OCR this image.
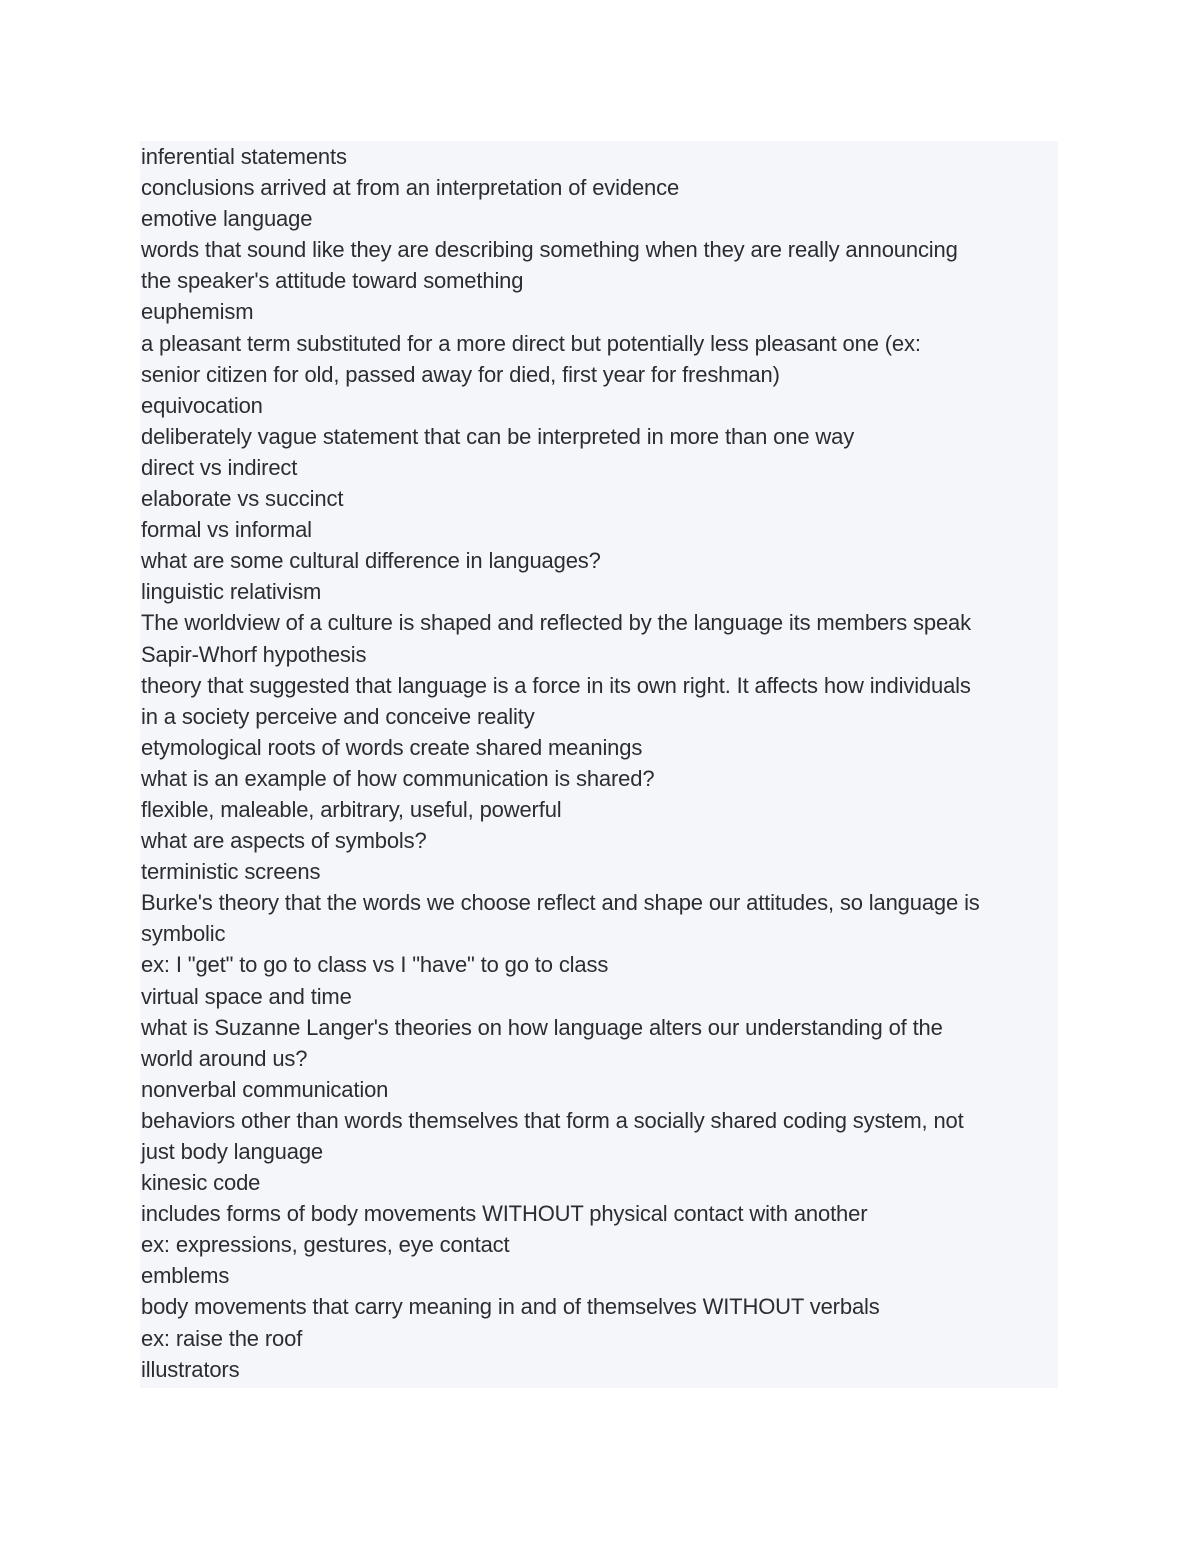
inferential statements
conclusions arrived at from an interpretation of evidence
emotive language
words that sound like they are describing something when they are really announcing
the speaker's attitude toward something
euphemism
a pleasant term substituted for a more direct but potentially less pleasant one (ex:
senior citizen for old, passed away for died, first year for freshman)
equivocation
deliberately vague statement that can be interpreted in more than one way
direct vs indirect
elaborate vs succinct
formal vs informal
what are some cultural difference in languages?
linguistic relativism
The worldview of a culture is shaped and reflected by the language its members speak
Sapir-Whorf hypothesis
theory that suggested that language is a force in its own right. It affects how individuals
in a society perceive and conceive reality
etymological roots of words create shared meanings
what is an example of how communication is shared?
flexible, maleable, arbitrary, useful, powerful
what are aspects of symbols?
terministic screens
Burke's theory that the words we choose reflect and shape our attitudes, so language is
symbolic
ex: I "get" to go to class vs I "have" to go to class
virtual space and time
what is Suzanne Langer's theories on how language alters our understanding of the
world around us?
nonverbal communication
behaviors other than words themselves that form a socially shared coding system, not
just body language
kinesic code
includes forms of body movements WITHOUT physical contact with another
ex: expressions, gestures, eye contact
emblems
body movements that carry meaning in and of themselves WITHOUT verbals
ex: raise the roof
illustrators
